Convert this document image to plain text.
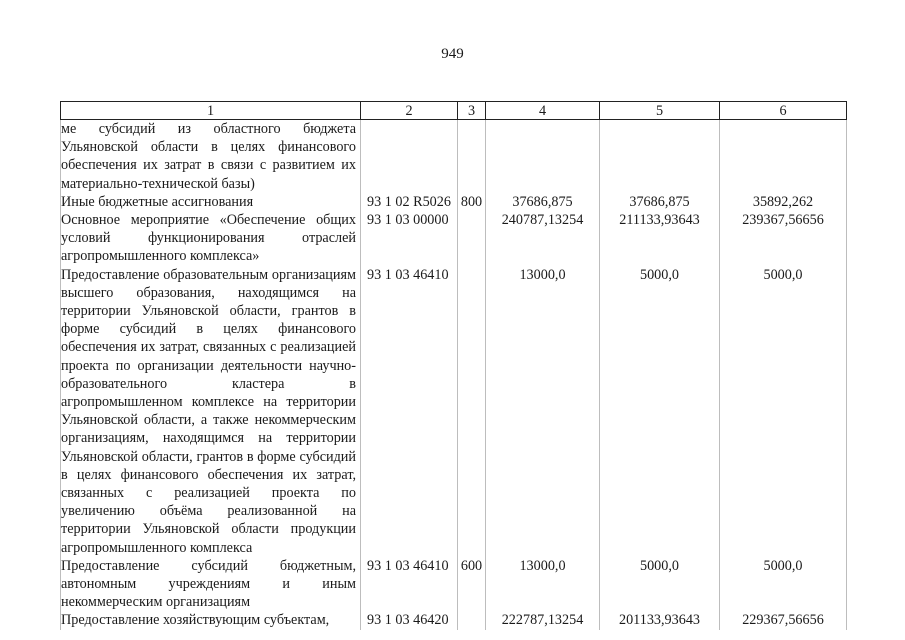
949
1	2	3	4	5	6
ме субсидий из областного бюджета Ульяновской области в целях финансового обеспечения их затрат в связи с развитием их материально-технической базы)					
Иные бюджетные ассигнования	93 1 02 R5026	800	37686,875	37686,875	35892,262
Основное мероприятие «Обеспечение общих условий функционирования отраслей агропромышленного комплекса»	93 1 03 00000		240787,13254	211133,93643	239367,56656
Предоставление образовательным организациям высшего образования, находящимся на территории Ульяновской области, грантов в форме субсидий в целях финансового обеспечения их затрат, связанных с реализацией проекта по организации деятельности научно-образовательного кластера в агропромышленном комплексе на территории Ульяновской области, а также некоммерческим организациям, находящимся на территории Ульяновской области, грантов в форме субсидий в целях финансового обеспечения их затрат, связанных с реализацией проекта по увеличению объёма реализованной на территории Ульяновской области продукции агропромышленного комплекса	93 1 03 46410		13000,0	5000,0	5000,0
Предоставление субсидий бюджетным, автономным учреждениям и иным некоммерческим организациям	93 1 03 46410	600	13000,0	5000,0	5000,0
Предоставление хозяйствующим субъектам,	93 1 03 46420		222787,13254	201133,93643	229367,56656
